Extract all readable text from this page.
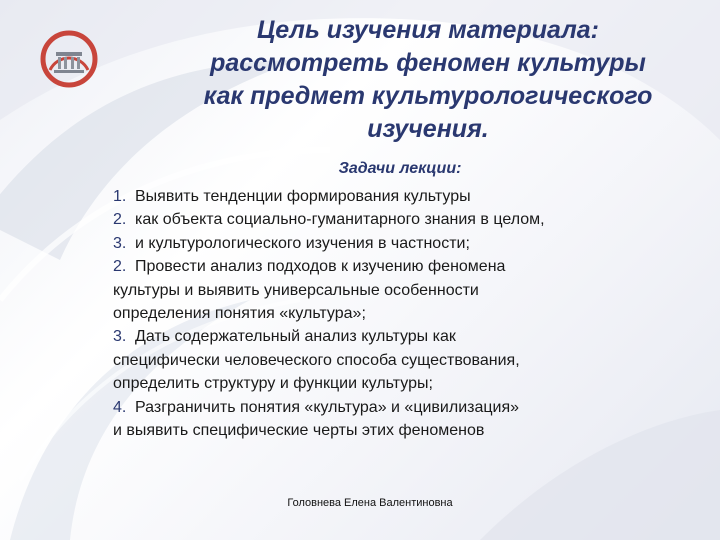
Цель изучения материала:
рассмотреть феномен культуры
как предмет культурологического
изучения.
Задачи лекции:
1. Выявить тенденции формирования культуры
2. как объекта социально-гуманитарного знания в целом,
3. и культурологического изучения в частности;
2. Провести анализ подходов к изучению феномена
культуры и выявить универсальные особенности
определения понятия «культура»;
3. Дать содержательный анализ культуры как
специфически человеческого способа существования,
определить структуру и функции культуры;
4. Разграничить понятия «культура» и «цивилизация»
и выявить специфические черты этих феноменов
Головнева Елена Валентиновна
